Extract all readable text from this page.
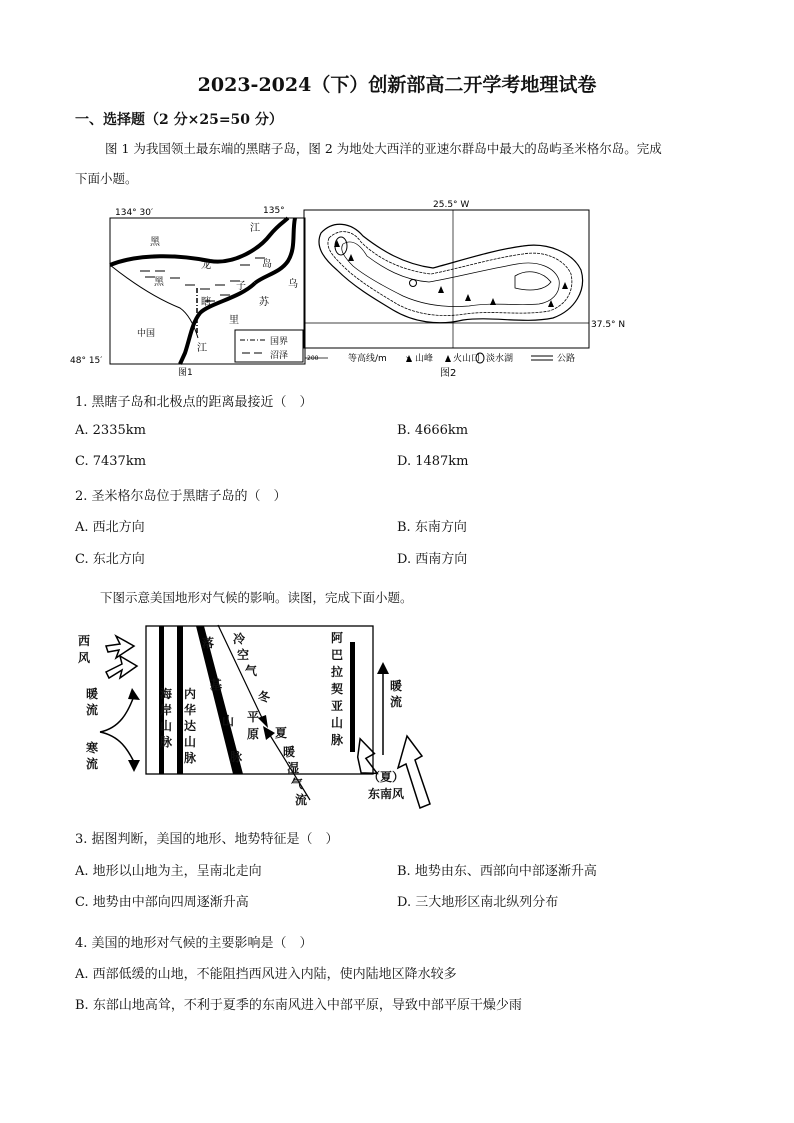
2023-2024（下）创新部高二开学考地理试卷
一、选择题（2 分×25=50 分）
图 1 为我国领土最东端的黑瞎子岛，图 2 为地处大西洋的亚速尔群岛中最大的岛屿圣米格尔岛。完成
下面小题。
134° 30′	135°
黑
江
龙	岛
乌
黑	子
苏
瞎
里
中国
江
国界
沼泽
48° 15′
图1
25.5° W
37.5° N
200	等高线/m	山峰 火山口 淡水湖	公路
图2
1. 黑瞎子岛和北极点的距离最接近（　）
A. 2335km	B. 4666km
C. 7437km	D. 1487km
2. 圣米格尔岛位于黑瞎子岛的（　）
A. 西北方向	B. 东南方向
C. 东北方向	D. 西南方向
下图示意美国地形对气候的影响。读图，完成下面小题。
西风
暖
流
寒
流
海
岸
山
脉
内
华
达
山
脉
落
基
山
脉
冷
空
气
冬
平原 夏
暖
湿
气
流
阿
巴
拉
契
亚
山
脉
暖
流
（夏）东南风
3. 据图判断，美国的地形、地势特征是（　）
A. 地形以山地为主，呈南北走向	B. 地势由东、西部向中部逐渐升高
C. 地势由中部向四周逐渐升高	D. 三大地形区南北纵列分布
4. 美国的地形对气候的主要影响是（　）
A. 西部低缓的山地，不能阻挡西风进入内陆，使内陆地区降水较多
B. 东部山地高耸，不利于夏季的东南风进入中部平原，导致中部平原干燥少雨
